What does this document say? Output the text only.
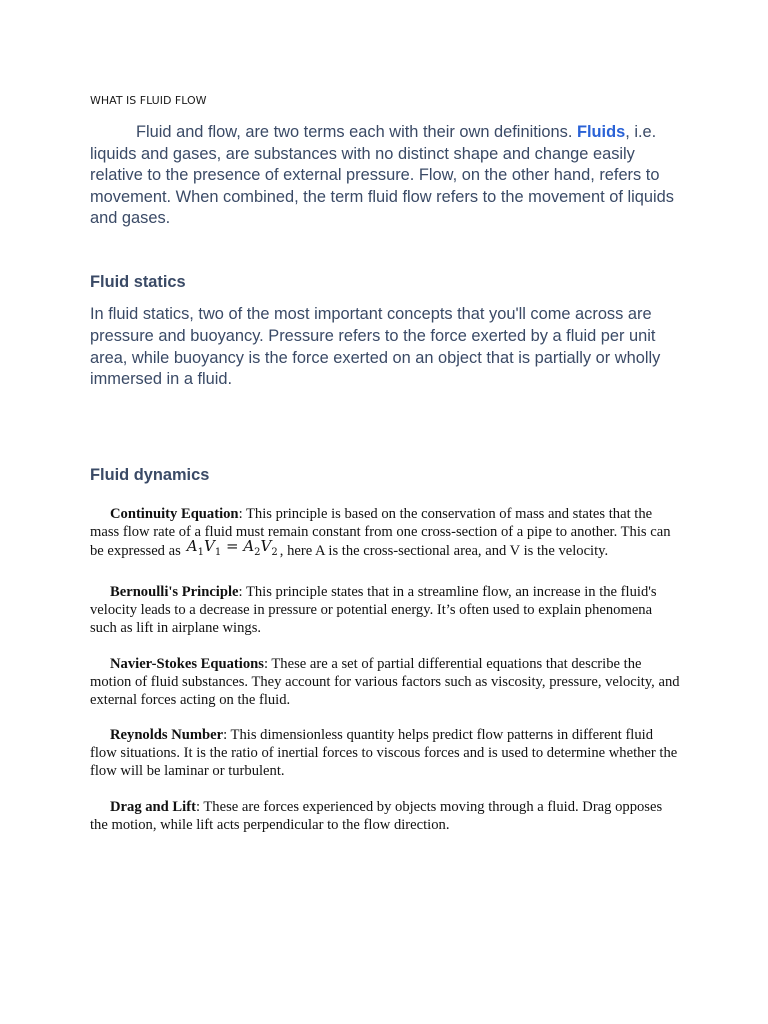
WHAT IS FLUID FLOW

Fluid and flow, are two terms each with their own definitions. Fluids, i.e. liquids and gases, are substances with no distinct shape and change easily relative to the presence of external pressure. Flow, on the other hand, refers to movement. When combined, the term fluid flow refers to the movement of liquids and gases.

Fluid statics

In fluid statics, two of the most important concepts that you'll come across are pressure and buoyancy. Pressure refers to the force exerted by a fluid per unit area, while buoyancy is the force exerted on an object that is partially or wholly immersed in a fluid.

Fluid dynamics

Continuity Equation: This principle is based on the conservation of mass and states that the mass flow rate of a fluid must remain constant from one cross-section of a pipe to another. This can be expressed as $A_1V_1 = A_2V_2$ , here A is the cross-sectional area, and V is the velocity.

Bernoulli's Principle: This principle states that in a streamline flow, an increase in the fluid's velocity leads to a decrease in pressure or potential energy. It’s often used to explain phenomena such as lift in airplane wings.

Navier-Stokes Equations: These are a set of partial differential equations that describe the motion of fluid substances. They account for various factors such as viscosity, pressure, velocity, and external forces acting on the fluid.

Reynolds Number: This dimensionless quantity helps predict flow patterns in different fluid flow situations. It is the ratio of inertial forces to viscous forces and is used to determine whether the flow will be laminar or turbulent.

Drag and Lift: These are forces experienced by objects moving through a fluid. Drag opposes the motion, while lift acts perpendicular to the flow direction.
